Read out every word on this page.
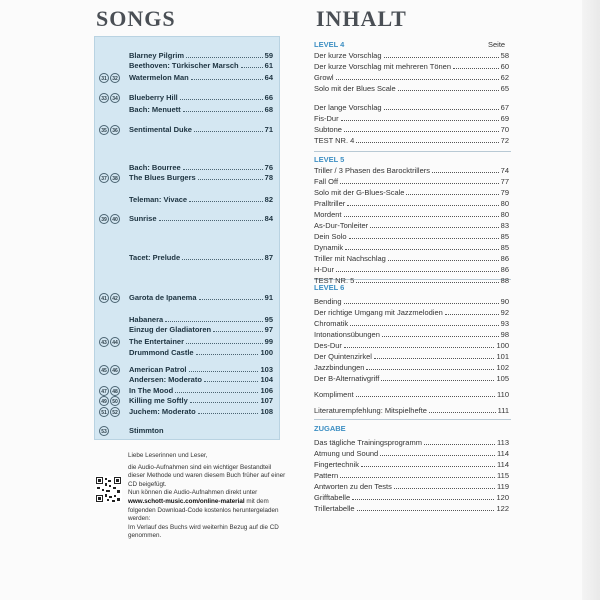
SONGS	INHALT
Blarney Pilgrim	59
Beethoven: Türkischer Marsch	61
31 32	Watermelon Man	64
33 34	Blueberry Hill	66
Bach: Menuett	68
35 36	Sentimental Duke	71
Bach: Bourree	76
37 38	The Blues Burgers	78
Teleman: Vivace	82
39 40	Sunrise	84
Tacet: Prelude	87
41 42	Garota de Ipanema	91
Habanera	95
Einzug der Gladiatoren	97
43 44	The Entertainer	99
Drummond Castle	100
45 46	American Patrol	103
Andersen: Moderato	104
47 48	In The Mood	106
49 50	Killing me Softly	107
51 52	Juchem: Moderato	108
53	Stimmton
Seite
LEVEL 4
LEVEL 5
LEVEL 6
ZUGABE
Der kurze Vorschlag	58
Der kurze Vorschlag mit mehreren Tönen	60
Growl	62
Solo mit der Blues Scale	65
Der lange Vorschlag	67
Fis-Dur	69
Subtone	70
TEST NR. 4	72
Triller / 3 Phasen des Barocktrillers	74
Fall Off	77
Solo mit der G-Blues-Scale	79
Pralltriller	80
Mordent	80
As-Dur-Tonleiter	83
Dein Solo	85
Dynamik	85
Triller mit Nachschlag	86
H-Dur	86
TEST NR. 5	88
Bending	90
Der richtige Umgang mit Jazzmelodien	92
Chromatik	93
Intonationsübungen	98
Des-Dur	100
Der Quintenzirkel	101
Jazzbindungen	102
Der B-Alternativgriff	105
Kompliment	110
Literaturempfehlung: Mitspielhefte	111
Das tägliche Trainingsprogramm	113
Atmung und Sound	114
Fingertechnik	114
Pattern	115
Antworten zu den Tests	119
Grifftabelle	120
Trillertabelle	122

Liebe Leserinnen und Leser,

die Audio-Aufnahmen sind ein wichtiger Bestandteil dieser Methode und waren diesem Buch früher auf einer CD beigefügt.

Nun können die Audio-Aufnahmen direkt unter

www.schott-music.com/online-material mit dem folgenden Download-Code kostenlos heruntergeladen werden:

Im Verlauf des Buchs wird weiterhin Bezug auf die CD genommen.
